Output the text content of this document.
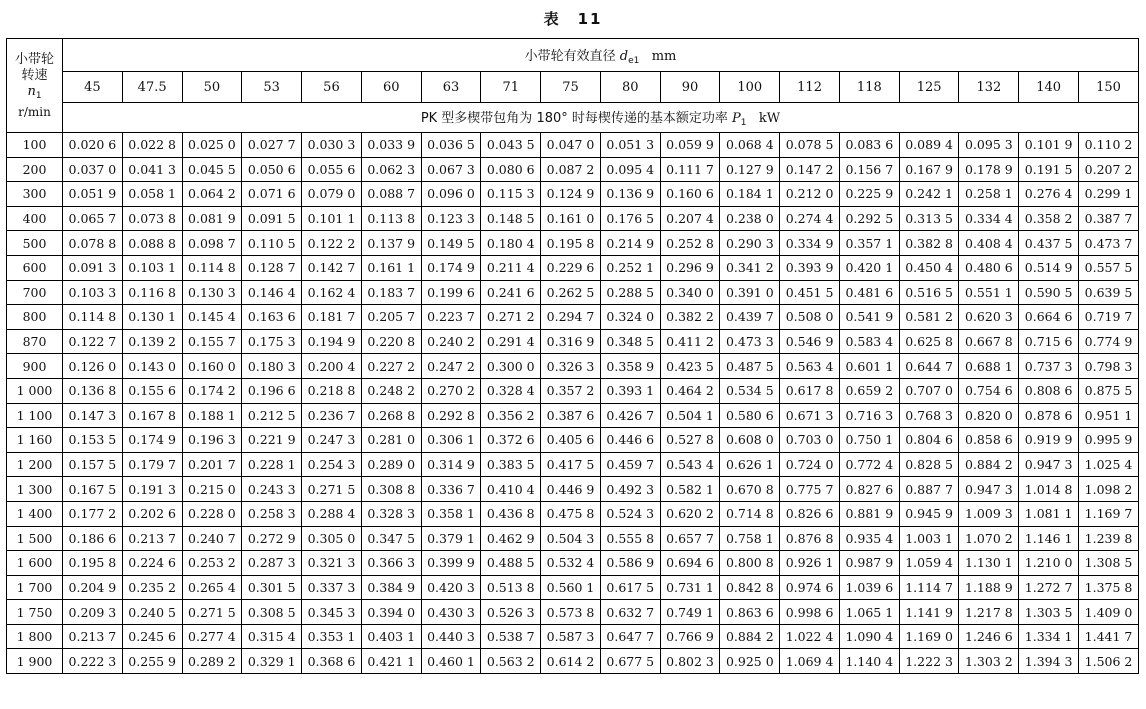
表　11
小带轮
转速
$n_1$
r/min	小带轮有效直径 $d_{e1}$ mm																	
	45	47.5	50	53	56	60	63	71	75	80	90	100	112	118	125	132	140	150
	PK 型多楔带包角为 180° 时每楔传递的基本额定功率 $P_1$ kW																	
100	0.020 6	0.022 8	0.025 0	0.027 7	0.030 3	0.033 9	0.036 5	0.043 5	0.047 0	0.051 3	0.059 9	0.068 4	0.078 5	0.083 6	0.089 4	0.095 3	0.101 9	0.110 2
200	0.037 0	0.041 3	0.045 5	0.050 6	0.055 6	0.062 3	0.067 3	0.080 6	0.087 2	0.095 4	0.111 7	0.127 9	0.147 2	0.156 7	0.167 9	0.178 9	0.191 5	0.207 2
300	0.051 9	0.058 1	0.064 2	0.071 6	0.079 0	0.088 7	0.096 0	0.115 3	0.124 9	0.136 9	0.160 6	0.184 1	0.212 0	0.225 9	0.242 1	0.258 1	0.276 4	0.299 1
400	0.065 7	0.073 8	0.081 9	0.091 5	0.101 1	0.113 8	0.123 3	0.148 5	0.161 0	0.176 5	0.207 4	0.238 0	0.274 4	0.292 5	0.313 5	0.334 4	0.358 2	0.387 7
500	0.078 8	0.088 8	0.098 7	0.110 5	0.122 2	0.137 9	0.149 5	0.180 4	0.195 8	0.214 9	0.252 8	0.290 3	0.334 9	0.357 1	0.382 8	0.408 4	0.437 5	0.473 7
600	0.091 3	0.103 1	0.114 8	0.128 7	0.142 7	0.161 1	0.174 9	0.211 4	0.229 6	0.252 1	0.296 9	0.341 2	0.393 9	0.420 1	0.450 4	0.480 6	0.514 9	0.557 5
700	0.103 3	0.116 8	0.130 3	0.146 4	0.162 4	0.183 7	0.199 6	0.241 6	0.262 5	0.288 5	0.340 0	0.391 0	0.451 5	0.481 6	0.516 5	0.551 1	0.590 5	0.639 5
800	0.114 8	0.130 1	0.145 4	0.163 6	0.181 7	0.205 7	0.223 7	0.271 2	0.294 7	0.324 0	0.382 2	0.439 7	0.508 0	0.541 9	0.581 2	0.620 3	0.664 6	0.719 7
870	0.122 7	0.139 2	0.155 7	0.175 3	0.194 9	0.220 8	0.240 2	0.291 4	0.316 9	0.348 5	0.411 2	0.473 3	0.546 9	0.583 4	0.625 8	0.667 8	0.715 6	0.774 9
900	0.126 0	0.143 0	0.160 0	0.180 3	0.200 4	0.227 2	0.247 2	0.300 0	0.326 3	0.358 9	0.423 5	0.487 5	0.563 4	0.601 1	0.644 7	0.688 1	0.737 3	0.798 3
1 000	0.136 8	0.155 6	0.174 2	0.196 6	0.218 8	0.248 2	0.270 2	0.328 4	0.357 2	0.393 1	0.464 2	0.534 5	0.617 8	0.659 2	0.707 0	0.754 6	0.808 6	0.875 5
1 100	0.147 3	0.167 8	0.188 1	0.212 5	0.236 7	0.268 8	0.292 8	0.356 2	0.387 6	0.426 7	0.504 1	0.580 6	0.671 3	0.716 3	0.768 3	0.820 0	0.878 6	0.951 1
1 160	0.153 5	0.174 9	0.196 3	0.221 9	0.247 3	0.281 0	0.306 1	0.372 6	0.405 6	0.446 6	0.527 8	0.608 0	0.703 0	0.750 1	0.804 6	0.858 6	0.919 9	0.995 9
1 200	0.157 5	0.179 7	0.201 7	0.228 1	0.254 3	0.289 0	0.314 9	0.383 5	0.417 5	0.459 7	0.543 4	0.626 1	0.724 0	0.772 4	0.828 5	0.884 2	0.947 3	1.025 4
1 300	0.167 5	0.191 3	0.215 0	0.243 3	0.271 5	0.308 8	0.336 7	0.410 4	0.446 9	0.492 3	0.582 1	0.670 8	0.775 7	0.827 6	0.887 7	0.947 3	1.014 8	1.098 2
1 400	0.177 2	0.202 6	0.228 0	0.258 3	0.288 4	0.328 3	0.358 1	0.436 8	0.475 8	0.524 3	0.620 2	0.714 8	0.826 6	0.881 9	0.945 9	1.009 3	1.081 1	1.169 7
1 500	0.186 6	0.213 7	0.240 7	0.272 9	0.305 0	0.347 5	0.379 1	0.462 9	0.504 3	0.555 8	0.657 7	0.758 1	0.876 8	0.935 4	1.003 1	1.070 2	1.146 1	1.239 8
1 600	0.195 8	0.224 6	0.253 2	0.287 3	0.321 3	0.366 3	0.399 9	0.488 5	0.532 4	0.586 9	0.694 6	0.800 8	0.926 1	0.987 9	1.059 4	1.130 1	1.210 0	1.308 5
1 700	0.204 9	0.235 2	0.265 4	0.301 5	0.337 3	0.384 9	0.420 3	0.513 8	0.560 1	0.617 5	0.731 1	0.842 8	0.974 6	1.039 6	1.114 7	1.188 9	1.272 7	1.375 8
1 750	0.209 3	0.240 5	0.271 5	0.308 5	0.345 3	0.394 0	0.430 3	0.526 3	0.573 8	0.632 7	0.749 1	0.863 6	0.998 6	1.065 1	1.141 9	1.217 8	1.303 5	1.409 0
1 800	0.213 7	0.245 6	0.277 4	0.315 4	0.353 1	0.403 1	0.440 3	0.538 7	0.587 3	0.647 7	0.766 9	0.884 2	1.022 4	1.090 4	1.169 0	1.246 6	1.334 1	1.441 7
1 900	0.222 3	0.255 9	0.289 2	0.329 1	0.368 6	0.421 1	0.460 1	0.563 2	0.614 2	0.677 5	0.802 3	0.925 0	1.069 4	1.140 4	1.222 3	1.303 2	1.394 3	1.506 2
